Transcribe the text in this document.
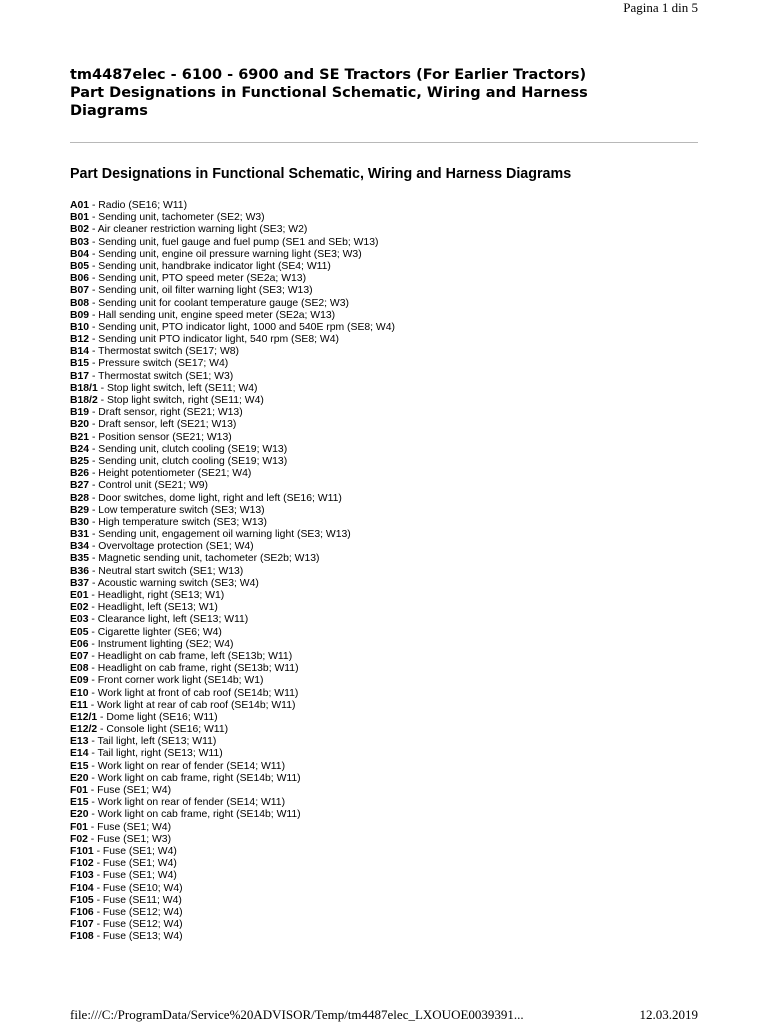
Pagina 1 din 5
tm4487elec - 6100 - 6900 and SE Tractors (For Earlier Tractors)
Part Designations in Functional Schematic, Wiring and Harness
Diagrams
Part Designations in Functional Schematic, Wiring and Harness Diagrams
A01 - Radio (SE16; W11)
B01 - Sending unit, tachometer (SE2; W3)
B02 - Air cleaner restriction warning light (SE3; W2)
B03 - Sending unit, fuel gauge and fuel pump (SE1 and SEb; W13)
B04 - Sending unit, engine oil pressure warning light (SE3; W3)
B05 - Sending unit, handbrake indicator light (SE4; W11)
B06 - Sending unit, PTO speed meter (SE2a; W13)
B07 - Sending unit, oil filter warning light (SE3; W13)
B08 - Sending unit for coolant temperature gauge (SE2; W3)
B09 - Hall sending unit, engine speed meter (SE2a; W13)
B10 - Sending unit, PTO indicator light, 1000 and 540E rpm (SE8; W4)
B12 - Sending unit PTO indicator light, 540 rpm (SE8; W4)
B14 - Thermostat switch (SE17; W8)
B15 - Pressure switch (SE17; W4)
B17 - Thermostat switch (SE1; W3)
B18/1 - Stop light switch, left (SE11; W4)
B18/2 - Stop light switch, right (SE11; W4)
B19 - Draft sensor, right (SE21; W13)
B20 - Draft sensor, left (SE21; W13)
B21 - Position sensor (SE21; W13)
B24 - Sending unit, clutch cooling (SE19; W13)
B25 - Sending unit, clutch cooling (SE19; W13)
B26 - Height potentiometer (SE21; W4)
B27 - Control unit (SE21; W9)
B28 - Door switches, dome light, right and left (SE16; W11)
B29 - Low temperature switch (SE3; W13)
B30 - High temperature switch (SE3; W13)
B31 - Sending unit, engagement oil warning light (SE3; W13)
B34 - Overvoltage protection (SE1; W4)
B35 - Magnetic sending unit, tachometer (SE2b; W13)
B36 - Neutral start switch (SE1; W13)
B37 - Acoustic warning switch (SE3; W4)
E01 - Headlight, right (SE13; W1)
E02 - Headlight, left (SE13; W1)
E03 - Clearance light, left (SE13; W11)
E05 - Cigarette lighter (SE6; W4)
E06 - Instrument lighting (SE2; W4)
E07 - Headlight on cab frame, left (SE13b; W11)
E08 - Headlight on cab frame, right (SE13b; W11)
E09 - Front corner work light (SE14b; W1)
E10 - Work light at front of cab roof (SE14b; W11)
E11 - Work light at rear of cab roof (SE14b; W11)
E12/1 - Dome light (SE16; W11)
E12/2 - Console light (SE16; W11)
E13 - Tail light, left (SE13; W11)
E14 - Tail light, right (SE13; W11)
E15 - Work light on rear of fender (SE14; W11)
E20 - Work light on cab frame, right (SE14b; W11)
F01 - Fuse (SE1; W4)
E15 - Work light on rear of fender (SE14; W11)
E20 - Work light on cab frame, right (SE14b; W11)
F01 - Fuse (SE1; W4)
F02 - Fuse (SE1; W3)
F101 - Fuse (SE1; W4)
F102 - Fuse (SE1; W4)
F103 - Fuse (SE1; W4)
F104 - Fuse (SE10; W4)
F105 - Fuse (SE11; W4)
F106 - Fuse (SE12; W4)
F107 - Fuse (SE12; W4)
F108 - Fuse (SE13; W4)
file:///C:/ProgramData/Service%20ADVISOR/Temp/tm4487elec_LXOUOE0039391...	12.03.2019
